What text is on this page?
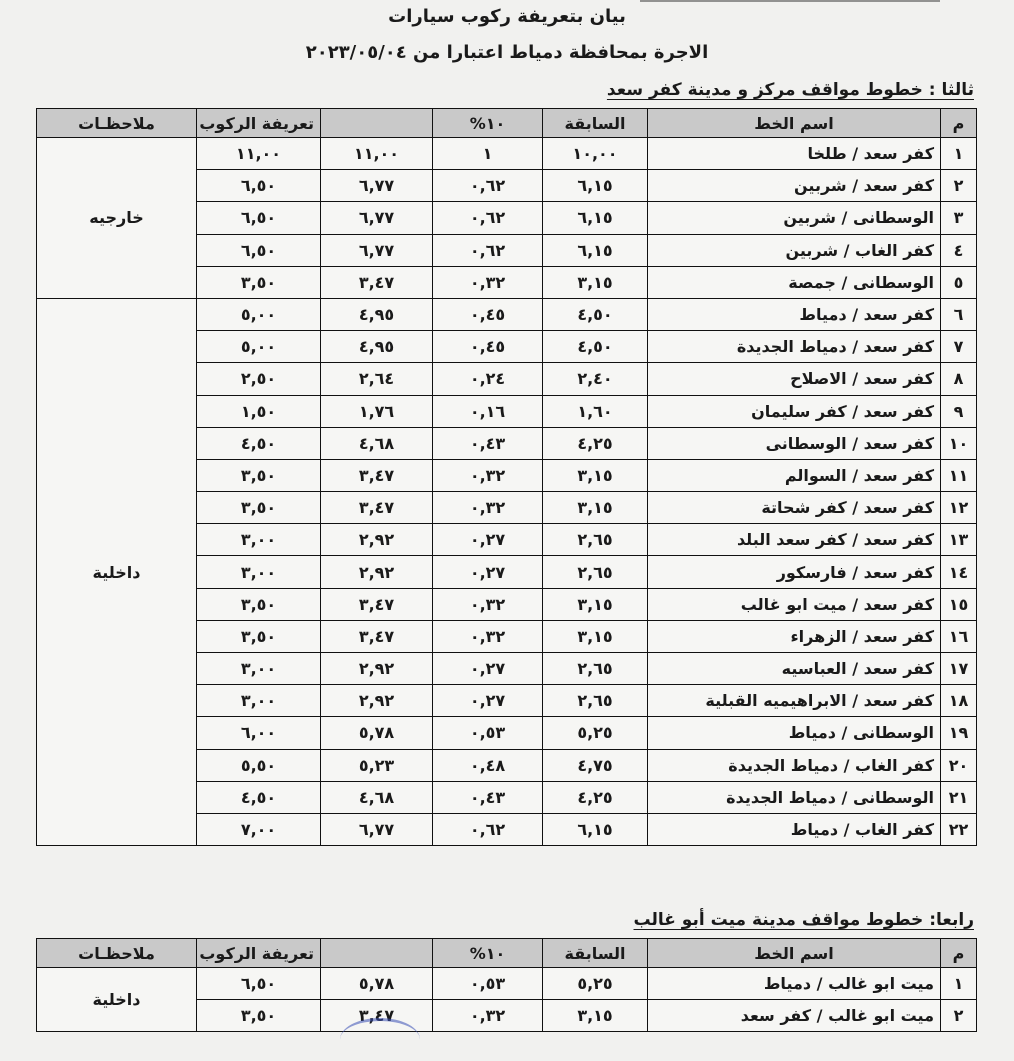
بيان بتعريفة ركوب سيارات
الاجرة بمحافظة دمياط اعتبارا من ٢٠٢٣/٠٥/٠٤
ثالثا : خطوط مواقف مركز و مدينة كفر سعد
م	اسم الخط	السابقة	١٠%		تعريفة الركوب	ملاحظـات
١	كفر سعد / طلخا	١٠,٠٠	١	١١,٠٠	١١,٠٠	خارجيه
٢	كفر سعد / شربين	٦,١٥	٠,٦٢	٦,٧٧	٦,٥٠	
٣	الوسطانى / شربين	٦,١٥	٠,٦٢	٦,٧٧	٦,٥٠	
٤	كفر الغاب / شربين	٦,١٥	٠,٦٢	٦,٧٧	٦,٥٠	
٥	الوسطانى / جمصة	٣,١٥	٠,٣٢	٣,٤٧	٣,٥٠	
٦	كفر سعد / دمياط	٤,٥٠	٠,٤٥	٤,٩٥	٥,٠٠	داخلية
٧	كفر سعد / دمياط الجديدة	٤,٥٠	٠,٤٥	٤,٩٥	٥,٠٠	
٨	كفر سعد / الاصلاح	٢,٤٠	٠,٢٤	٢,٦٤	٢,٥٠	
٩	كفر سعد / كفر سليمان	١,٦٠	٠,١٦	١,٧٦	١,٥٠	
١٠	كفر سعد / الوسطانى	٤,٢٥	٠,٤٣	٤,٦٨	٤,٥٠	
١١	كفر سعد / السوالم	٣,١٥	٠,٣٢	٣,٤٧	٣,٥٠	
١٢	كفر سعد / كفر شحاتة	٣,١٥	٠,٣٢	٣,٤٧	٣,٥٠	
١٣	كفر سعد / كفر سعد البلد	٢,٦٥	٠,٢٧	٢,٩٢	٣,٠٠	
١٤	كفر سعد / فارسكور	٢,٦٥	٠,٢٧	٢,٩٢	٣,٠٠	
١٥	كفر سعد / ميت ابو غالب	٣,١٥	٠,٣٢	٣,٤٧	٣,٥٠	
١٦	كفر سعد / الزهراء	٣,١٥	٠,٣٢	٣,٤٧	٣,٥٠	
١٧	كفر سعد / العباسيه	٢,٦٥	٠,٢٧	٢,٩٢	٣,٠٠	
١٨	كفر سعد / الابراهيميه القبلية	٢,٦٥	٠,٢٧	٢,٩٢	٣,٠٠	
١٩	الوسطانى / دمياط	٥,٢٥	٠,٥٣	٥,٧٨	٦,٠٠	
٢٠	كفر الغاب / دمياط الجديدة	٤,٧٥	٠,٤٨	٥,٢٣	٥,٥٠	
٢١	الوسطانى / دمياط الجديدة	٤,٢٥	٠,٤٣	٤,٦٨	٤,٥٠	
٢٢	كفر الغاب / دمياط	٦,١٥	٠,٦٢	٦,٧٧	٧,٠٠	
رابعا: خطوط مواقف مدينة ميت أبو غالب
م	اسم الخط	السابقة	١٠%		تعريفة الركوب	ملاحظـات
١	ميت ابو غالب / دمياط	٥,٢٥	٠,٥٣	٥,٧٨	٦,٥٠	داخلية
٢	ميت ابو غالب / كفر سعد	٣,١٥	٠,٣٢	٣,٤٧	٣,٥٠	
